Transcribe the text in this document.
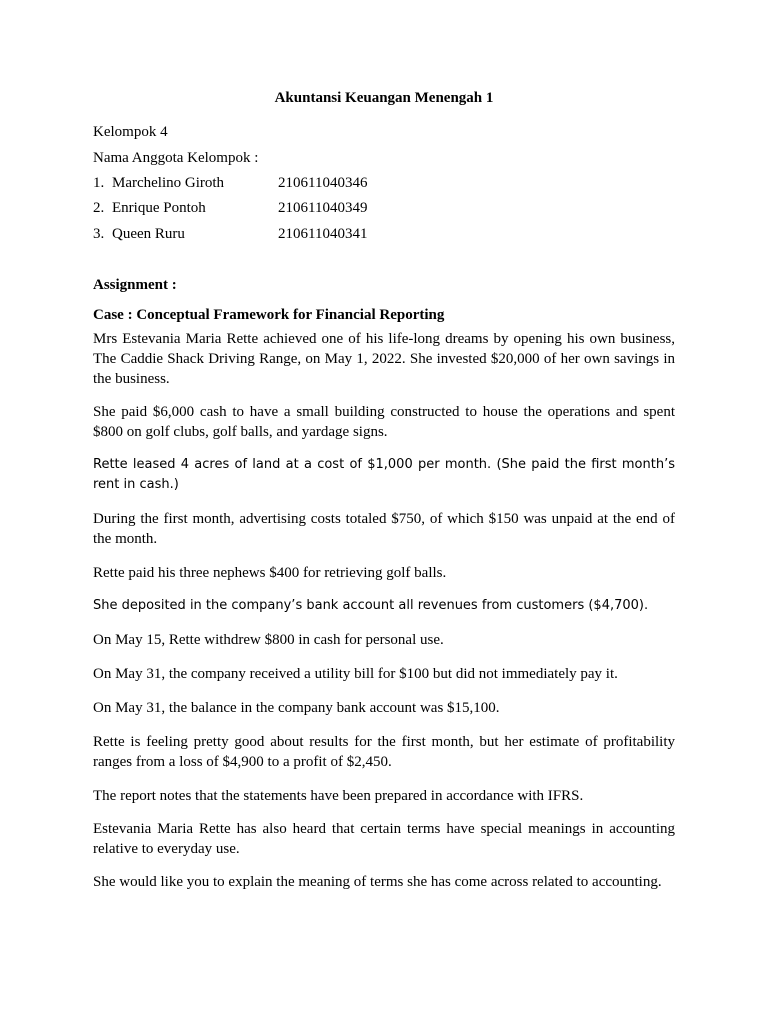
Akuntansi Keuangan Menengah 1
Kelompok 4
Nama Anggota Kelompok :
1. Marchelino Giroth	210611040346
2. Enrique Pontoh	210611040349
3. Queen Ruru	210611040341
Assignment :
Case : Conceptual Framework for Financial Reporting
Mrs Estevania Maria Rette achieved one of his life-long dreams by opening his own business, The Caddie Shack Driving Range, on May 1, 2022. She invested $20,000 of her own savings in the business.
She paid $6,000 cash to have a small building constructed to house the operations and spent $800 on golf clubs, golf balls, and yardage signs.
Rette leased 4 acres of land at a cost of $1,000 per month. (She paid the first month’s rent in cash.)
During the first month, advertising costs totaled $750, of which $150 was unpaid at the end of the month.
Rette paid his three nephews $400 for retrieving golf balls.
She deposited in the company’s bank account all revenues from customers ($4,700).
On May 15, Rette withdrew $800 in cash for personal use.
On May 31, the company received a utility bill for $100 but did not immediately pay it.
On May 31, the balance in the company bank account was $15,100.
Rette is feeling pretty good about results for the first month, but her estimate of profitability ranges from a loss of $4,900 to a profit of $2,450.
The report notes that the statements have been prepared in accordance with IFRS.
Estevania Maria Rette has also heard that certain terms have special meanings in accounting relative to everyday use.
She would like you to explain the meaning of terms she has come across related to accounting.
